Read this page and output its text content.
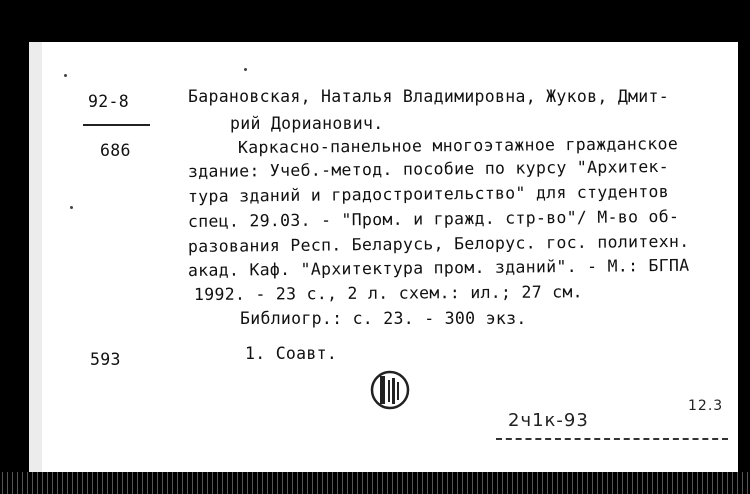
92-8
686
593
Барановская, Наталья Владимировна, Жуков, Дмит-
рий Дорианович.
Каркасно-панельное многоэтажное гражданское
здание: Учеб.-метод. пособие по курсу "Архитек-
тура зданий и градостроительство" для студентов
спец. 29.03. - "Пром. и гражд. стр-во"/ М-во об-
разования Респ. Беларусь, Белорус. гос. политехн.
акад. Каф. "Архитектура пром. зданий". - М.: БГПА
1992. - 23 с., 2 л. схем.: ил.; 27 см.
Библиогр.: с. 23. - 300 экз.
1. Соавт.
2ч1к-93
12.3
